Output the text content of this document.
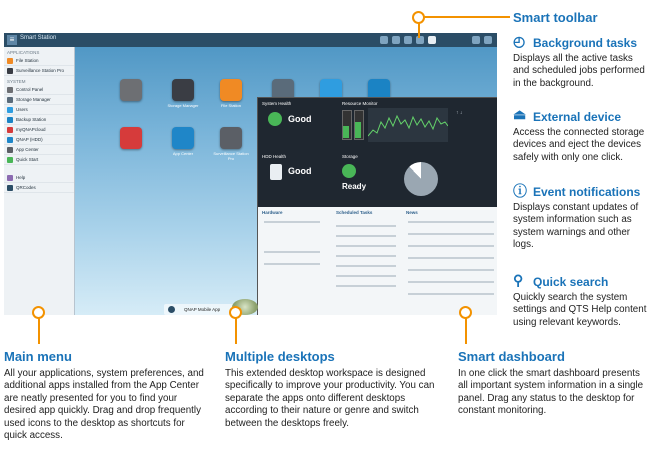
≡ Smart Station
APPLICATIONS
File Station
Surveillance Station Pro
SYSTEM
Control Panel
Storage Manager
Users
Backup Station
myQNAPcloud
QNAP (HDD)
App Center
Quick Start
Help
QRCodes
Storage Manager	File Station
App Center	Surveillance Station Pro
System Health
Good
Resource Monitor
↑ ↓
HDD Health
Good
Storage
Ready
Hardware	Scheduled Tasks	News
QNAP Mobile App
Smart toolbar
◴ Background tasks
Displays all the active tasks and scheduled jobs performed in the background.
⏏ External device
Access the connected storage devices and eject the devices safely with only one click.
ⓘ Event notifications
Displays constant updates of system information such as system warnings and other logs.
⚲ Quick search
Quickly search the system settings and QTS Help content using relevant keywords.
Main menu
All your applications, system preferences, and additional apps installed from the App Center are neatly presented for you to find your desired app quickly. Drag and drop frequently used icons to the desktop as shortcuts for quick access.
Multiple desktops
This extended desktop workspace is designed specifically to improve your productivity. You can separate the apps onto different desktops according to their nature or genre and switch between the desktops freely.
Smart dashboard
In one click the smart dashboard presents all important system information in a single panel. Drag any status to the desktop for constant monitoring.
